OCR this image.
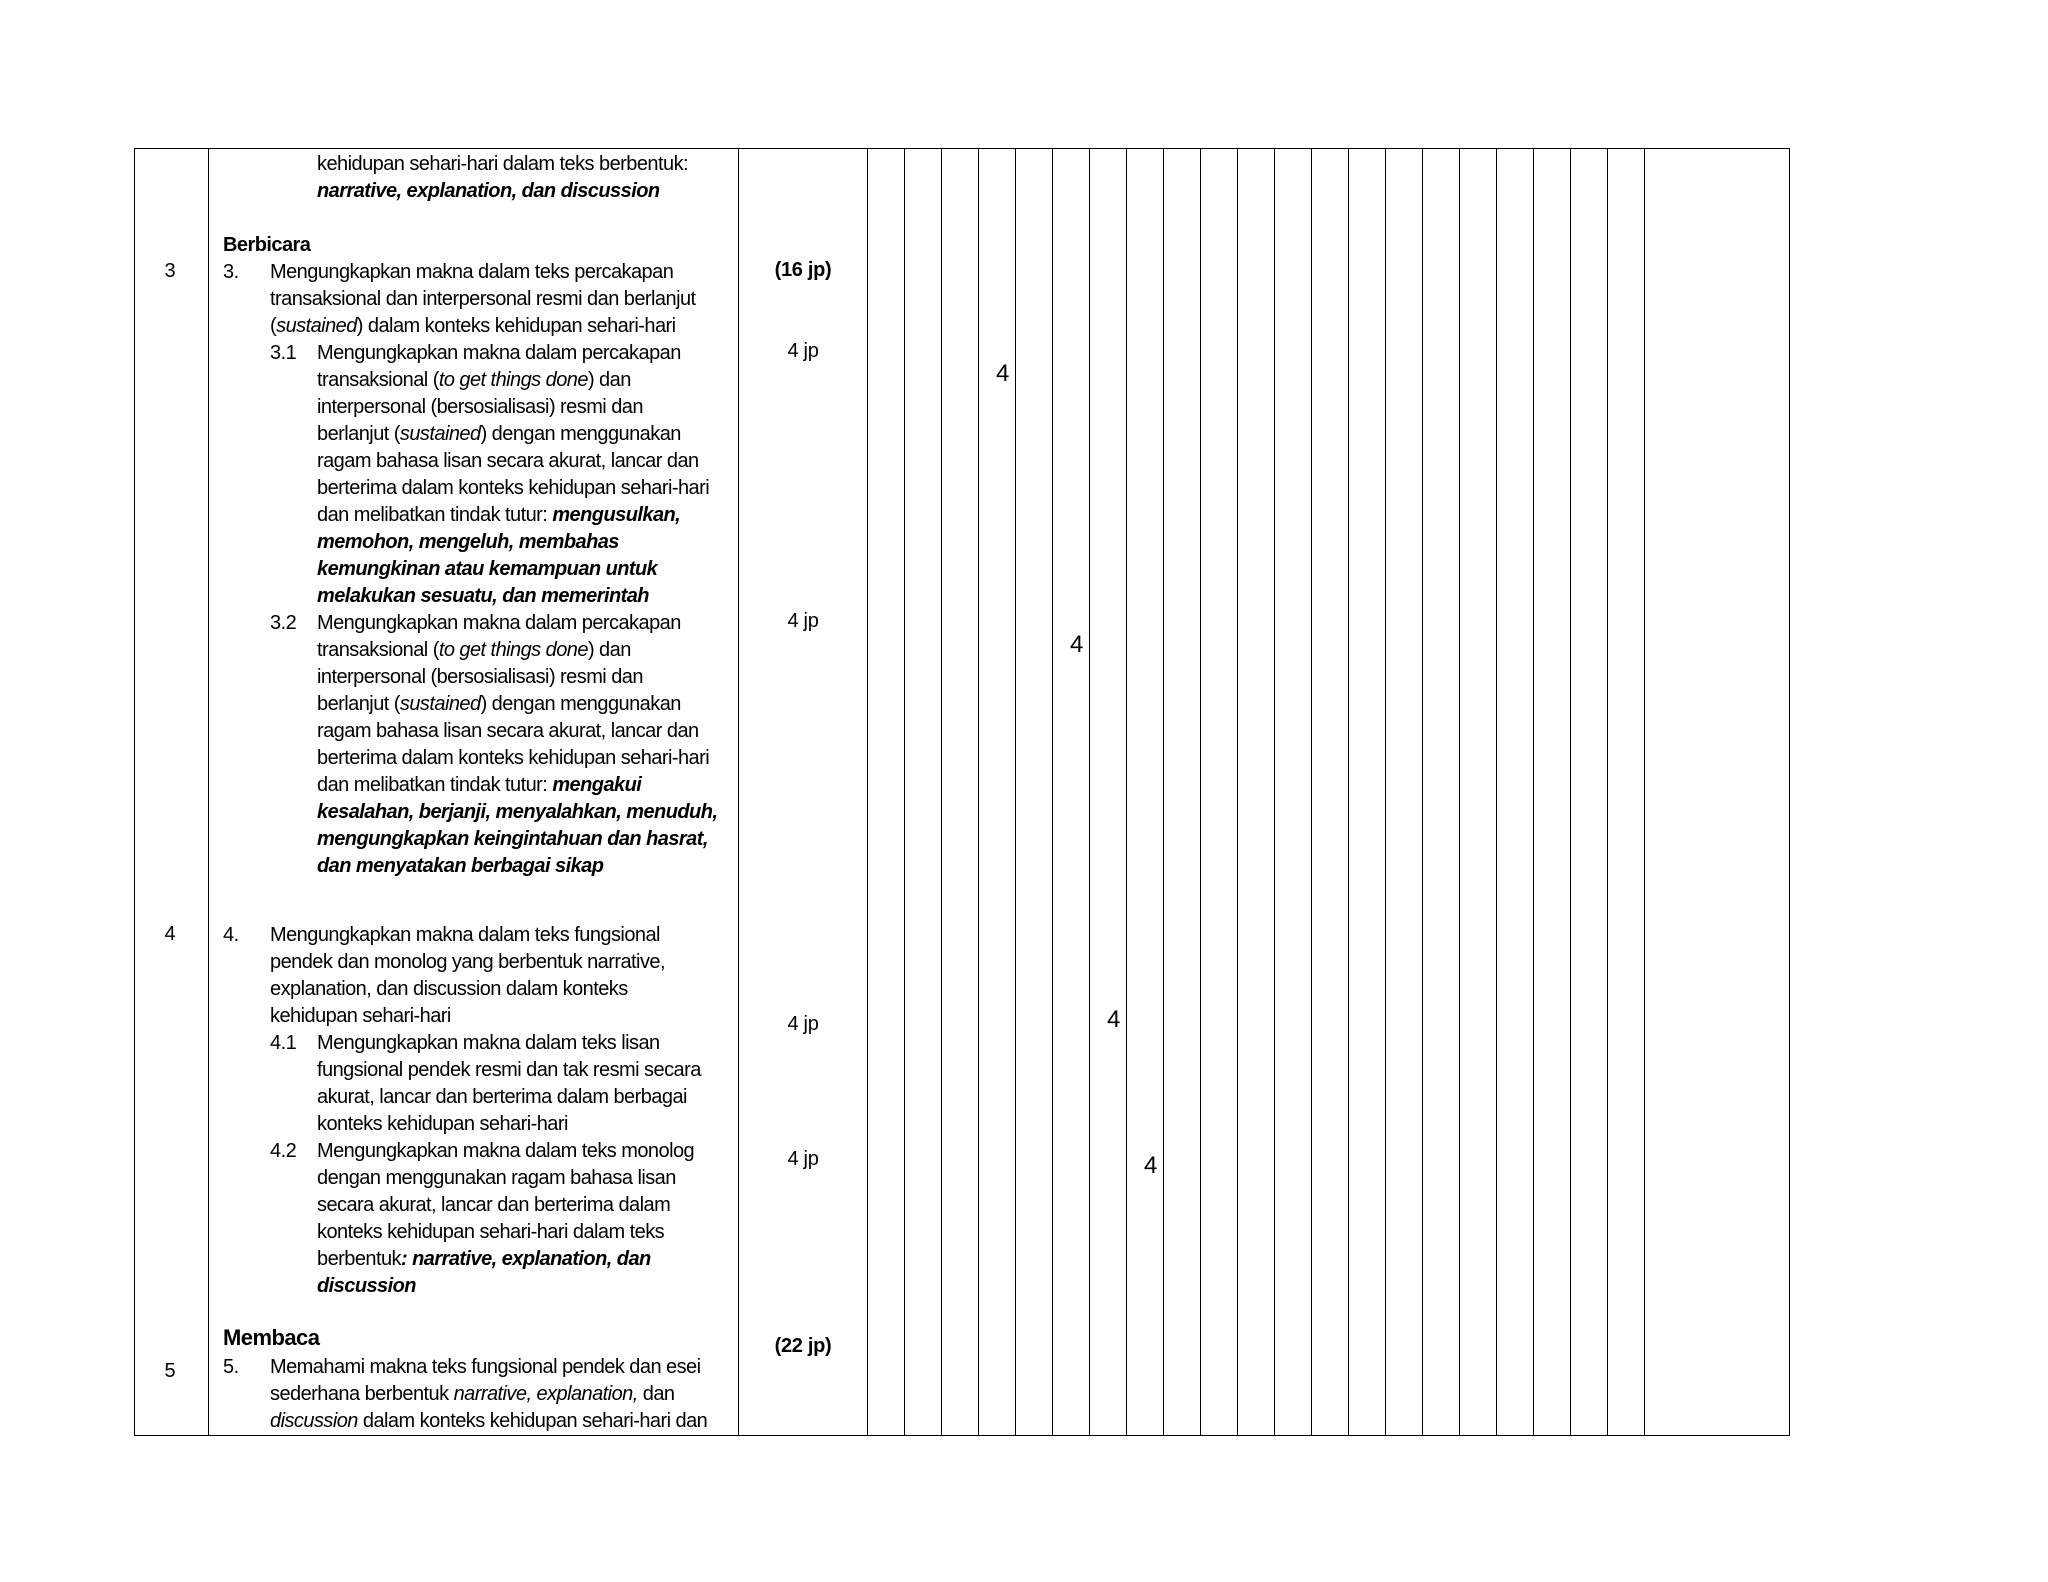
3
4
5
kehidupan sehari-hari dalam teks berbentuk:
narrative, explanation, dan discussion
Berbicara
3. Mengungkapkan makna dalam teks percakapan
transaksional dan interpersonal resmi dan berlanjut
(sustained) dalam konteks kehidupan sehari-hari
(16 jp)
3.1 Mengungkapkan makna dalam percakapan
transaksional (to get things done) dan
interpersonal (bersosialisasi) resmi dan
berlanjut (sustained) dengan menggunakan
ragam bahasa lisan secara akurat, lancar dan
berterima dalam konteks kehidupan sehari-hari
dan melibatkan tindak tutur: mengusulkan,
memohon, mengeluh, membahas
kemungkinan atau kemampuan untuk
melakukan sesuatu, dan memerintah
4 jp
4
3.2 Mengungkapkan makna dalam percakapan
transaksional (to get things done) dan
interpersonal (bersosialisasi) resmi dan
berlanjut (sustained) dengan menggunakan
ragam bahasa lisan secara akurat, lancar dan
berterima dalam konteks kehidupan sehari-hari
dan melibatkan tindak tutur: mengakui
kesalahan, berjanji, menyalahkan, menuduh,
mengungkapkan keingintahuan dan hasrat,
dan menyatakan berbagai sikap
4 jp
4
4. Mengungkapkan makna dalam teks fungsional
pendek dan monolog yang berbentuk narrative,
explanation, dan discussion dalam konteks
kehidupan sehari-hari
4.1 Mengungkapkan makna dalam teks lisan
fungsional pendek resmi dan tak resmi secara
akurat, lancar dan berterima dalam berbagai
konteks kehidupan sehari-hari
4 jp	4
4.2 Mengungkapkan makna dalam teks monolog
dengan menggunakan ragam bahasa lisan
secara akurat, lancar dan berterima dalam
konteks kehidupan sehari-hari dalam teks
berbentuk: narrative, explanation, dan
discussion
4 jp	4
Membaca
5. Memahami makna teks fungsional pendek dan esei
sederhana berbentuk narrative, explanation, dan
discussion dalam konteks kehidupan sehari-hari dan
(22 jp)
